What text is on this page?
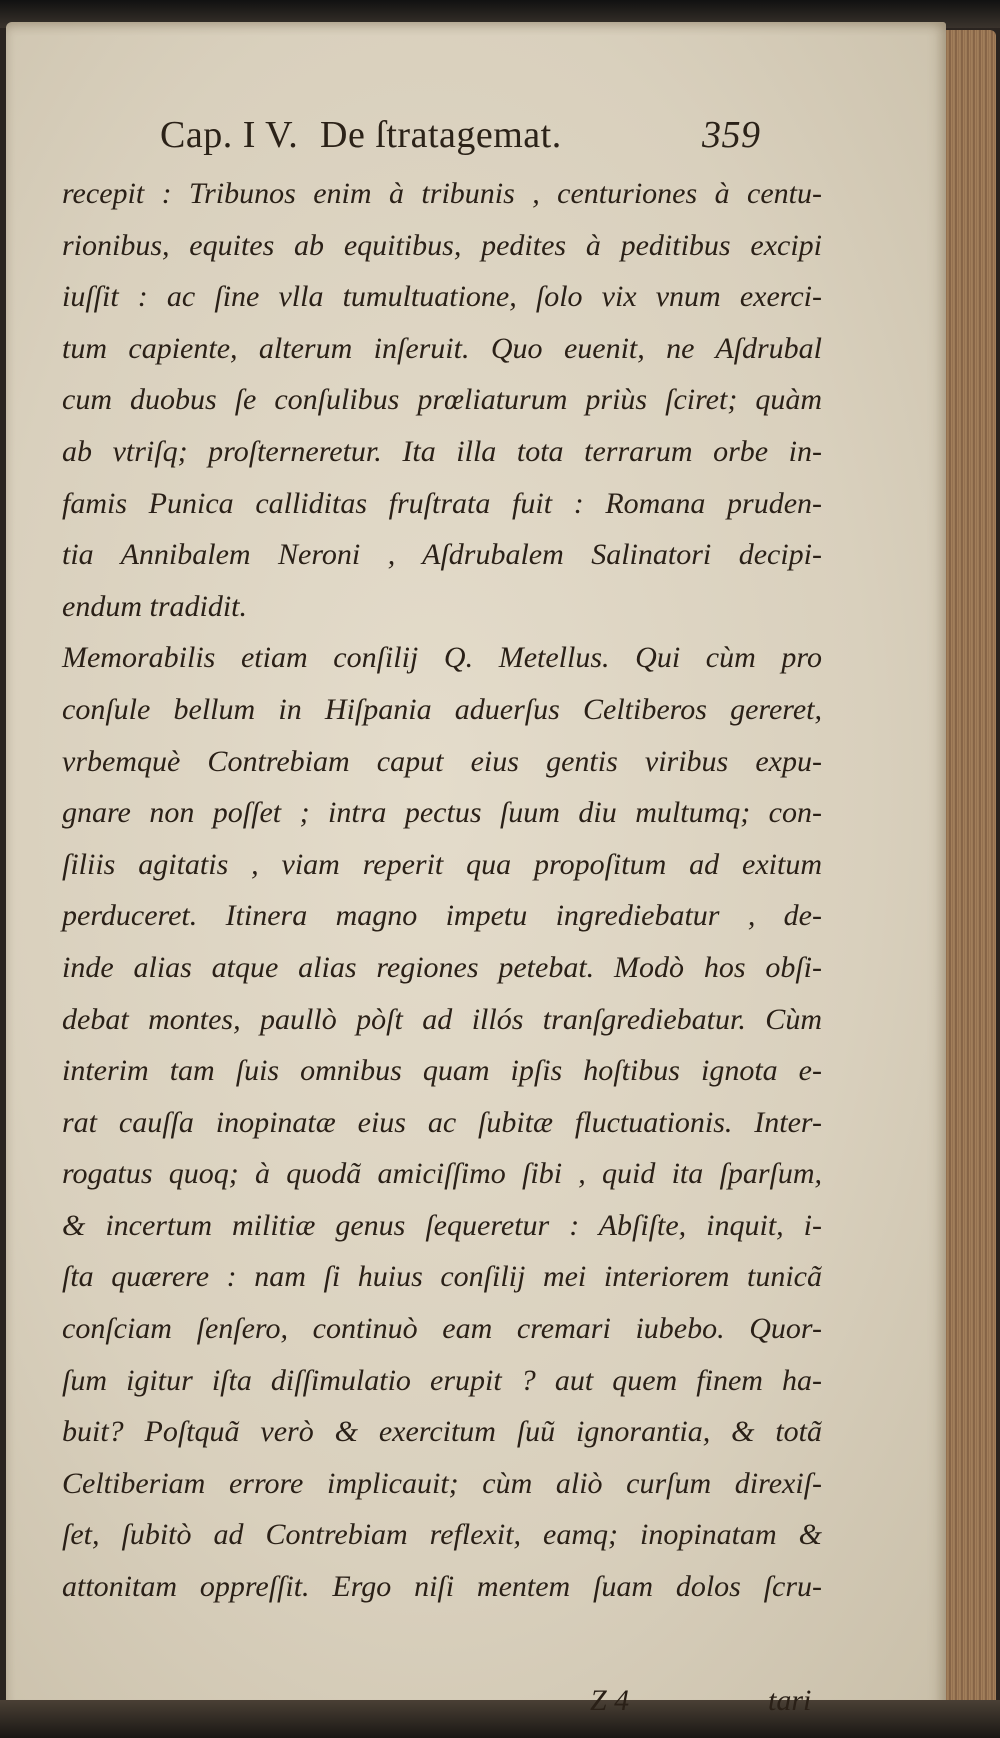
Cap. I V. De ſtratagemat.	359
recepit : Tribunos enim à tribunis , centuriones à centu-
rionibus, equites ab equitibus, pedites à peditibus excipi
iuſſit : ac ſine vlla tumultuatione, ſolo vix vnum exerci-
tum capiente, alterum inſeruit. Quo euenit, ne Aſdrubal
cum duobus ſe conſulibus prœliaturum priùs ſciret; quàm
ab vtriſq; proſterneretur. Ita illa tota terrarum orbe in-
famis Punica calliditas fruſtrata fuit : Romana pruden-
tia Annibalem Neroni , Aſdrubalem Salinatori decipi-
endum tradidit.
Memorabilis etiam conſilij Q. Metellus. Qui cùm pro
conſule bellum in Hiſpania aduerſus Celtiberos gereret,
vrbemquè Contrebiam caput eius gentis viribus expu-
gnare non poſſet ; intra pectus ſuum diu multumq; con-
ſiliis agitatis , viam reperit qua propoſitum ad exitum
perduceret. Itinera magno impetu ingrediebatur , de-
inde alias atque alias regiones petebat. Modò hos obſi-
debat montes, paullò pòſt ad illós tranſgrediebatur. Cùm
interim tam ſuis omnibus quam ipſis hoſtibus ignota e-
rat cauſſa inopinatæ eius ac ſubitæ fluctuationis. Inter-
rogatus quoq; à quodã amiciſſimo ſibi , quid ita ſparſum,
& incertum militiæ genus ſequeretur : Abſiſte, inquit, i-
ſta quærere : nam ſi huius conſilij mei interiorem tunicã
conſciam ſenſero, continuò eam cremari iubebo. Quor-
ſum igitur iſta diſſimulatio erupit ? aut quem finem ha-
buit? Poſtquã verò & exercitum ſuũ ignorantia, & totã
Celtiberiam errore implicauit; cùm aliò curſum direxiſ-
ſet, ſubitò ad Contrebiam reflexit, eamq; inopinatam &
attonitam oppreſſit. Ergo niſi mentem ſuam dolos ſcru-
Z 4	tari
